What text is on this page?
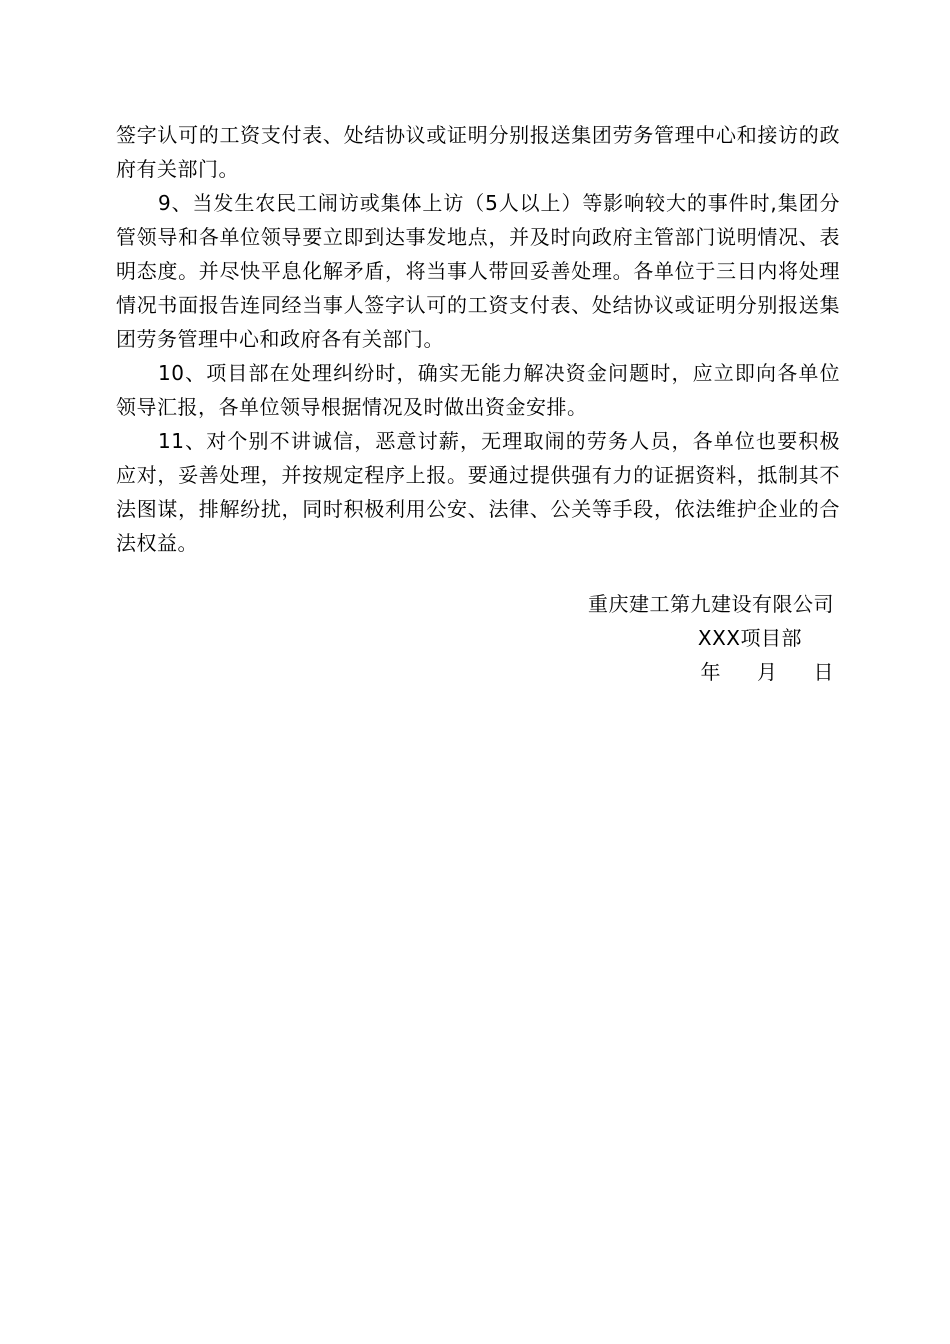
签字认可的工资支付表、处结协议或证明分别报送集团劳务管理中心和接访的政府有关部门。

9、当发生农民工闹访或集体上访（5人以上）等影响较大的事件时,集团分管领导和各单位领导要立即到达事发地点，并及时向政府主管部门说明情况、表明态度。并尽快平息化解矛盾，将当事人带回妥善处理。各单位于三日内将处理情况书面报告连同经当事人签字认可的工资支付表、处结协议或证明分别报送集团劳务管理中心和政府各有关部门。

10、项目部在处理纠纷时，确实无能力解决资金问题时，应立即向各单位领导汇报，各单位领导根据情况及时做出资金安排。

11、对个别不讲诚信，恶意讨薪，无理取闹的劳务人员，各单位也要积极应对，妥善处理，并按规定程序上报。要通过提供强有力的证据资料，抵制其不法图谋，排解纷扰，同时积极利用公安、法律、公关等手段，依法维护企业的合法权益。

重庆建工第九建设有限公司
XXX项目部
年 月 日
